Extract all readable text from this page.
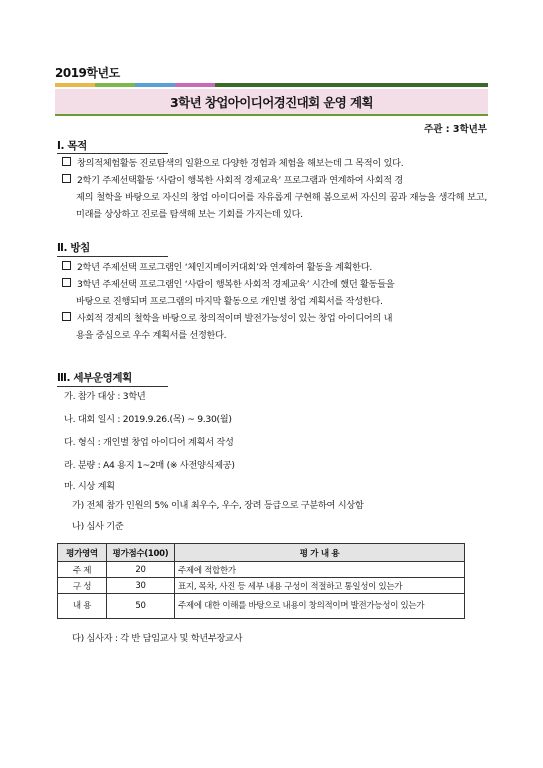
2019학년도
3학년 창업아이디어경진대회 운영 계획
주관 : 3학년부
Ⅰ. 목적
창의적체험활동 진로탐색의 일환으로 다양한 경험과 체험을 해보는데 그 목적이 있다.
2학기 주제선택활동 ‘사람이 행복한 사회적 경제교육’ 프로그램과 연계하여 사회적 경
제의 철학을 바탕으로 자신의 창업 아이디어를 자유롭게 구현해 봄으로써 자신의 꿈과 재능을 생각해 보고, 미래를 상상하고 진로를 탐색해 보는 기회를 가지는데 있다.
Ⅱ. 방침
2학년 주제선택 프로그램인 ‘체인지메이커대회’와 연계하여 활동을 계획한다.
3학년 주제선택 프로그램인 ‘사람이 행복한 사회적 경제교육’ 시간에 했던 활동들을
바탕으로 진행되며 프로그램의 마지막 활동으로 개인별 창업 계획서를 작성한다.
사회적 경제의 철학을 바탕으로 창의적이며 발전가능성이 있는 창업 아이디어의 내
용을 중심으로 우수 계획서를 선정한다.
Ⅲ. 세부운영계획
가. 참가 대상 : 3학년
나. 대회 일시 : 2019.9.26.(목) ~ 9.30(월)
다. 형식 : 개인별 창업 아이디어 계획서 작성
라. 분량 : A4 용지 1~2매 (※ 사전양식제공)
마. 시상 계획
가) 전체 참가 인원의 5% 이내 최우수, 우수, 장려 등급으로 구분하여 시상함
나) 심사 기준
평가영역	평가점수(100)	평 가 내 용
주 제	20	주제에 적합한가
구 성	30	표지, 목차, 사진 등 세부 내용 구성이 적절하고 통일성이 있는가
내 용	50	주제에 대한 이해를 바탕으로 내용이 창의적이며 발전가능성이 있는가
다) 심사자 : 각 반 담임교사 및 학년부장교사
